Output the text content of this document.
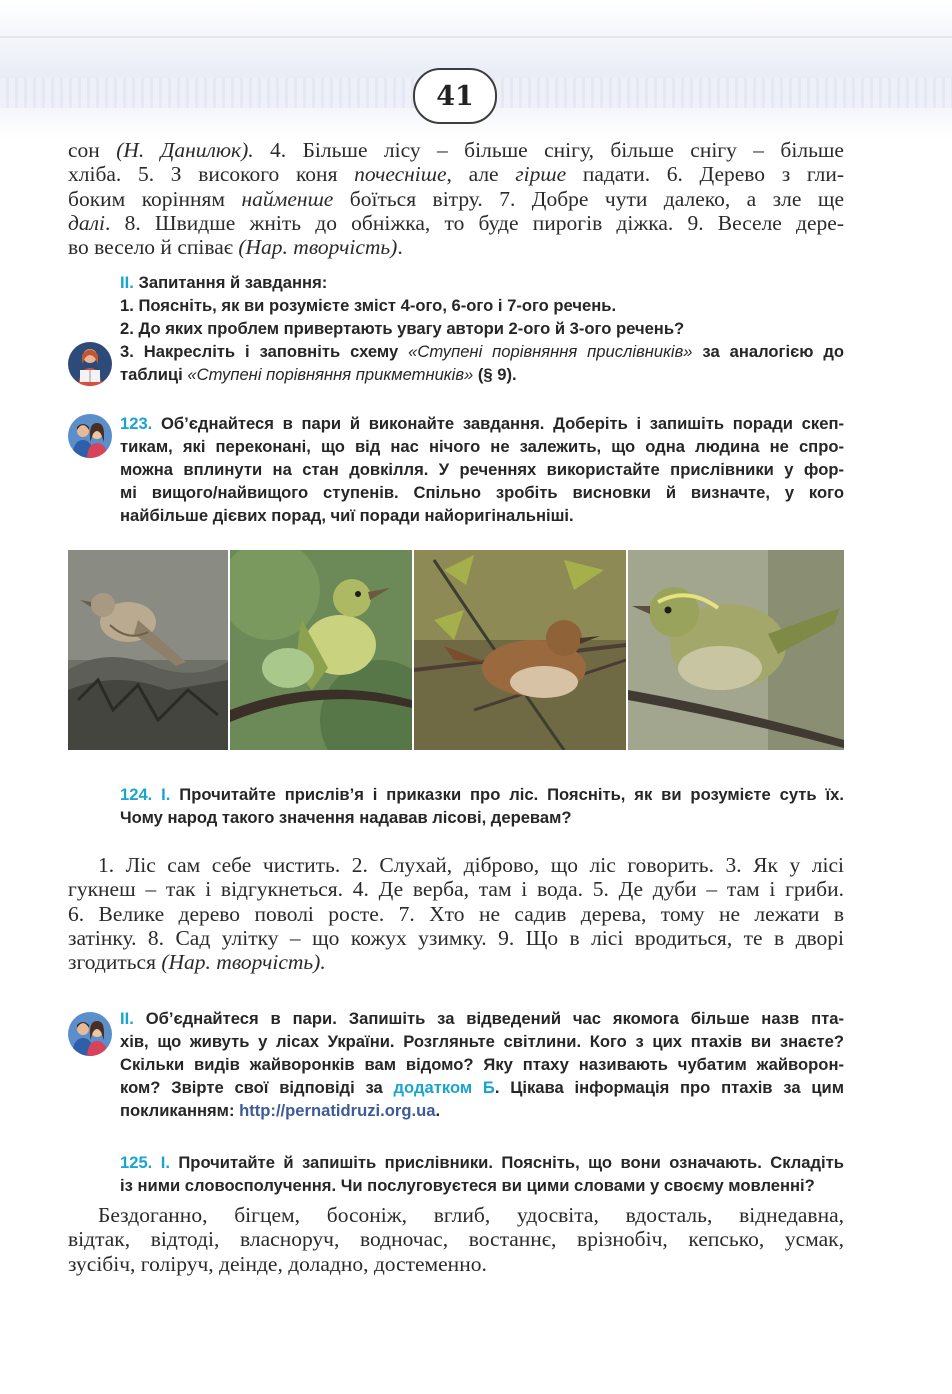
41
сон (Н. Данилюк). 4. Більше лісу – більше снігу, більше снігу – більше
хліба. 5. З високого коня почесніше, але гірше падати. 6. Дерево з гли-
боким корінням найменше боїться вітру. 7. Добре чути далеко, а зле ще
далі. 8. Швидше жніть до обніжка, то буде пирогів діжка. 9. Веселе дере-
во весело й співає (Нар. творчість).
ІІ. Запитання й завдання:
1. Поясніть, як ви розумієте зміст 4-ого, 6-ого і 7-ого речень.
2. До яких проблем привертають увагу автори 2-ого й 3-ого речень?
3. Накресліть і заповніть схему «Ступені порівняння прислівників» за аналогією до
таблиці «Ступені порівняння прикметників» (§ 9).
123. Об’єднайтеся в пари й виконайте завдання. Доберіть і запишіть поради скеп-
тикам, які переконані, що від нас нічого не залежить, що одна людина не спро-
можна вплинути на стан довкілля. У реченнях використайте прислівники у фор-
мі вищого/найвищого ступенів. Спільно зробіть висновки й визначте, у кого
найбільше дієвих порад, чиї поради найоригінальніші.
124. І. Прочитайте прислів’я і приказки про ліс. Поясніть, як ви розумієте суть їх.
Чому народ такого значення надавав лісові, деревам?
1. Ліс сам себе чистить. 2. Слухай, діброво, що ліс говорить. 3. Як у лісі
гукнеш – так і відгукнеться. 4. Де верба, там і вода. 5. Де дуби – там і гриби.
6. Велике дерево поволі росте. 7. Хто не садив дерева, тому не лежати в
затінку. 8. Сад улітку – що кожух узимку. 9. Що в лісі вродиться, те в дворі
згодиться (Нар. творчість).
ІІ. Об’єднайтеся в пари. Запишіть за відведений час якомога більше назв пта-
хів, що живуть у лісах України. Розгляньте світлини. Кого з цих птахів ви знаєте?
Скільки видів жайворонків вам відомо? Яку птаху називають чубатим жайворон-
ком? Звірте свої відповіді за додатком Б. Цікава інформація про птахів за цим
покликанням: http://pernatidruzi.org.ua.
125. І. Прочитайте й запишіть прислівники. Поясніть, що вони означають. Складіть
із ними словосполучення. Чи послуговуєтеся ви цими словами у своєму мовленні?
Бездоганно, бігцем, босоніж, вглиб, удосвіта, вдосталь, віднедавна,
відтак, відтоді, власноруч, водночас, востаннє, врізнобіч, кепсько, усмак,
зусібіч, голіруч, деінде, доладно, достеменно.
